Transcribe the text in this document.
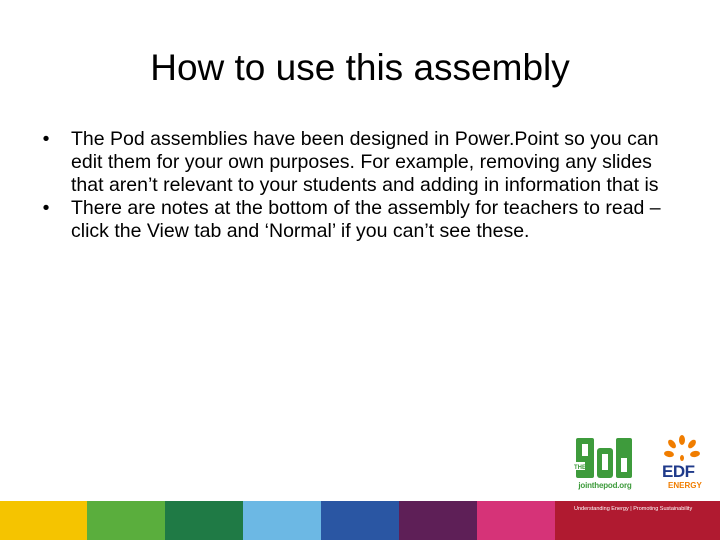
How to use this assembly
•	The Pod assemblies have been designed in Power.Point so you can edit them for your own purposes. For example, removing any slides that aren’t relevant to your students and adding in information that is
•	There are notes at the bottom of the assembly for teachers to read – click the View tab and ‘Normal’ if you can’t see these.
THE
jointhepod.org
EDF
ENERGY
Understanding Energy | Promoting Sustainability
